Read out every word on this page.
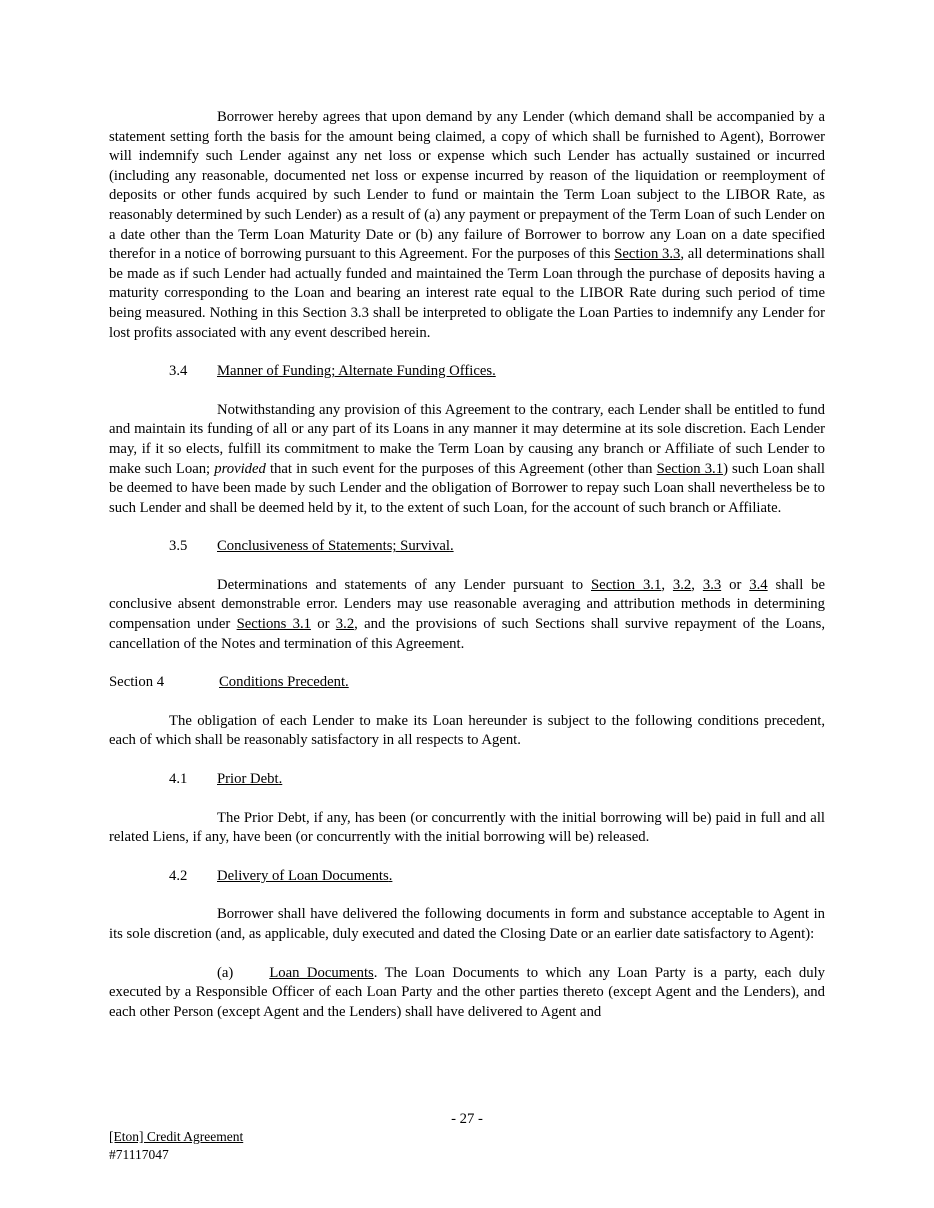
Borrower hereby agrees that upon demand by any Lender (which demand shall be accompanied by a statement setting forth the basis for the amount being claimed, a copy of which shall be furnished to Agent), Borrower will indemnify such Lender against any net loss or expense which such Lender has actually sustained or incurred (including any reasonable, documented net loss or expense incurred by reason of the liquidation or reemployment of deposits or other funds acquired by such Lender to fund or maintain the Term Loan subject to the LIBOR Rate, as reasonably determined by such Lender) as a result of (a) any payment or prepayment of the Term Loan of such Lender on a date other than the Term Loan Maturity Date or (b) any failure of Borrower to borrow any Loan on a date specified therefor in a notice of borrowing pursuant to this Agreement. For the purposes of this Section 3.3, all determinations shall be made as if such Lender had actually funded and maintained the Term Loan through the purchase of deposits having a maturity corresponding to the Loan and bearing an interest rate equal to the LIBOR Rate during such period of time being measured. Nothing in this Section 3.3 shall be interpreted to obligate the Loan Parties to indemnify any Lender for lost profits associated with any event described herein.

3.4	Manner of Funding; Alternate Funding Offices.

Notwithstanding any provision of this Agreement to the contrary, each Lender shall be entitled to fund and maintain its funding of all or any part of its Loans in any manner it may determine at its sole discretion. Each Lender may, if it so elects, fulfill its commitment to make the Term Loan by causing any branch or Affiliate of such Lender to make such Loan; provided that in such event for the purposes of this Agreement (other than Section 3.1) such Loan shall be deemed to have been made by such Lender and the obligation of Borrower to repay such Loan shall nevertheless be to such Lender and shall be deemed held by it, to the extent of such Loan, for the account of such branch or Affiliate.

3.5	Conclusiveness of Statements; Survival.

Determinations and statements of any Lender pursuant to Section 3.1, 3.2, 3.3 or 3.4 shall be conclusive absent demonstrable error. Lenders may use reasonable averaging and attribution methods in determining compensation under Sections 3.1 or 3.2, and the provisions of such Sections shall survive repayment of the Loans, cancellation of the Notes and termination of this Agreement.

Section 4	Conditions Precedent.

The obligation of each Lender to make its Loan hereunder is subject to the following conditions precedent, each of which shall be reasonably satisfactory in all respects to Agent.

4.1	Prior Debt.

The Prior Debt, if any, has been (or concurrently with the initial borrowing will be) paid in full and all related Liens, if any, have been (or concurrently with the initial borrowing will be) released.

4.2	Delivery of Loan Documents.

Borrower shall have delivered the following documents in form and substance acceptable to Agent in its sole discretion (and, as applicable, duly executed and dated the Closing Date or an earlier date satisfactory to Agent):

(a) Loan Documents. The Loan Documents to which any Loan Party is a party, each duly executed by a Responsible Officer of each Loan Party and the other parties thereto (except Agent and the Lenders), and each other Person (except Agent and the Lenders) shall have delivered to Agent and

- 27 -
[Eton] Credit Agreement
#71117047
